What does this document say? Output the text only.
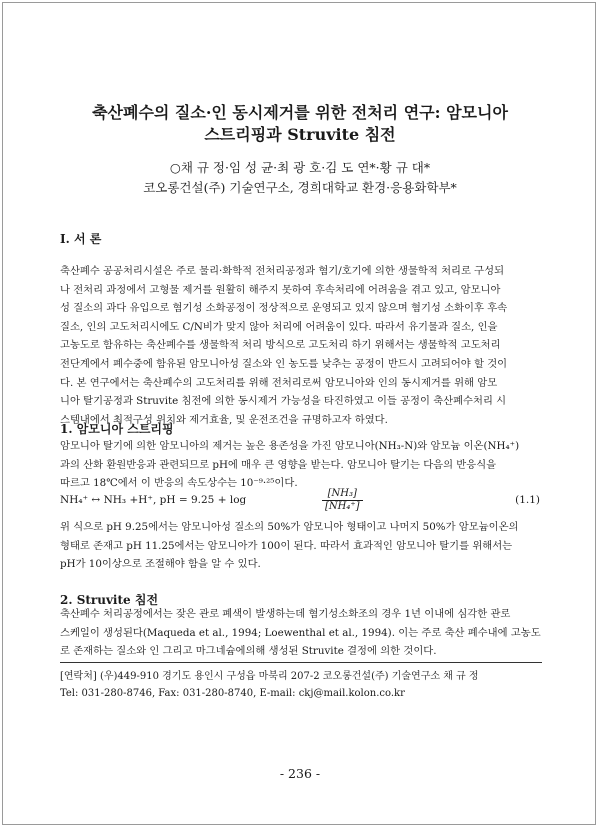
축산폐수의 질소·인 동시제거를 위한 전처리 연구: 암모니아
스트리핑과 Struvite 침전
○채 규 정·임 성 균·최 광 호·김 도 연*·황 규 대*
코오롱건설(주) 기술연구소, 경희대학교 환경·응용화학부*
I. 서 론
축산폐수 공공처리시설은 주로 물리·화학적 전처리공정과 혐기/호기에 의한 생물학적 처리로 구성되
나 전처리 과정에서 고형물 제거를 원활히 해주지 못하여 후속처리에 어려움을 겪고 있고, 암모니아
성 질소의 과다 유입으로 혐기성 소화공정이 정상적으로 운영되고 있지 않으며 혐기성 소화이후 후속
질소, 인의 고도처리시에도 C/N비가 맞지 않아 처리에 어려움이 있다. 따라서 유기물과 질소, 인을
고농도로 함유하는 축산폐수를 생물학적 처리 방식으로 고도처리 하기 위해서는 생물학적 고도처리
전단계에서 폐수중에 함유된 암모니아성 질소와 인 농도를 낮추는 공정이 반드시 고려되어야 할 것이
다. 본 연구에서는 축산폐수의 고도처리를 위해 전처리로써 암모니아와 인의 동시제거를 위해 암모
니아 탈기공정과 Struvite 침전에 의한 동시제거 가능성을 타진하였고 이들 공정이 축산폐수처리 시
스템내에서 최적구성 위치와 제거효율, 및 운전조건을 규명하고자 하였다.
1. 암모니아 스트리핑
암모니아 탈기에 의한 암모니아의 제거는 높은 용존성을 가진 암모니아(NH₃-N)와 암모늄 이온(NH₄⁺)
과의 산화 환원반응과 관련되므로 pH에 매우 큰 영향을 받는다. 암모니아 탈기는 다음의 반응식을
따르고 18℃에서 이 반응의 속도상수는 10⁻⁹·²⁵이다.
NH₄⁺ ↔ NH₃ +H⁺, pH = 9.25 + log	$\frac{\text{[NH₃]}}{\text{[NH₄⁺]}}$	(1.1)
위 식으로 pH 9.25에서는 암모니아성 질소의 50%가 암모니아 형태이고 나머지 50%가 암모늄이온의
형태로 존재고 pH 11.25에서는 암모니아가 100이 된다. 따라서 효과적인 암모니아 탈기를 위해서는
pH가 10이상으로 조절해야 함을 알 수 있다.
2. Struvite 침전
축산폐수 처리공정에서는 잦은 관로 폐색이 발생하는데 혐기성소화조의 경우 1년 이내에 심각한 관로
스케일이 생성된다(Maqueda et al., 1994; Loewenthal et al., 1994). 이는 주로 축산 폐수내에 고농도
로 존재하는 질소와 인 그리고 마그네슘에의해 생성된 Struvite 결정에 의한 것이다.
[연락처] (우)449-910 경기도 용인시 구성읍 마북리 207-2 코오롱건설(주) 기술연구소 채 규 정
Tel: 031-280-8746, Fax: 031-280-8740, E-mail: ckj@mail.kolon.co.kr
- 236 -
